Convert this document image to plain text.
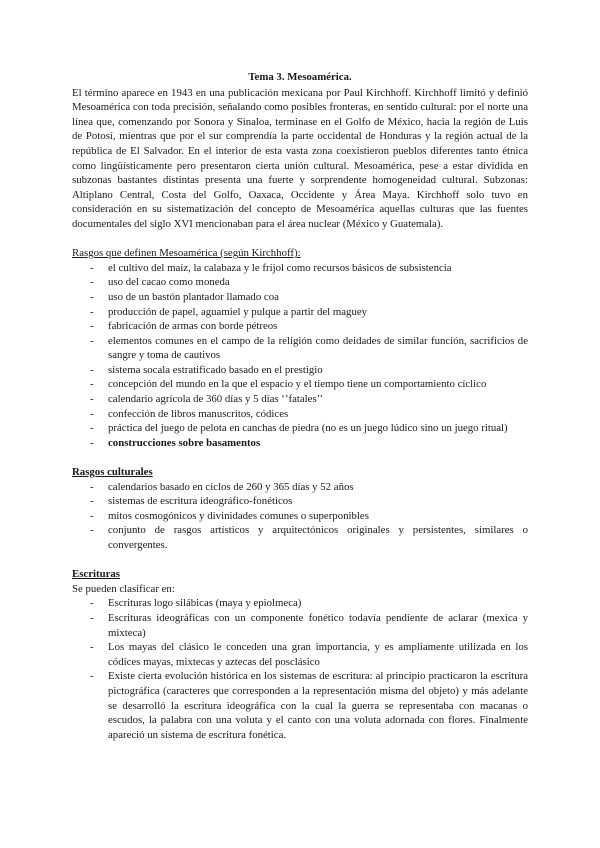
Tema 3. Mesoamérica.

El término aparece en 1943 en una publicación mexicana por Paul Kirchhoff. Kirchhoff limitó y definió Mesoamérica con toda precisión, señalando como posibles fronteras, en sentido cultural: por el norte una línea que, comenzando por Sonora y Sinaloa, terminase en el Golfo de México, hacia la región de Luis de Potosí, mientras que por el sur comprendía la parte occidental de Honduras y la región actual de la república de El Salvador. En el interior de esta vasta zona coexistieron pueblos diferentes tanto étnica como lingüísticamente pero presentaron cierta unión cultural. Mesoamérica, pese a estar dividida en subzonas bastantes distintas presenta una fuerte y sorprendente homogeneidad cultural. Subzonas: Altiplano Central, Costa del Golfo, Oaxaca, Occidente y Área Maya. Kirchhoff solo tuvo en consideración en su sistematización del concepto de Mesoamérica aquellas culturas que las fuentes documentales del siglo XVI mencionaban para el área nuclear (México y Guatemala).

Rasgos que definen Mesoamérica (según Kirchhoff):

- el cultivo del maíz, la calabaza y le frijol como recursos básicos de subsistencia
- uso del cacao como moneda
- uso de un bastón plantador llamado coa
- producción de papel, aguamiel y pulque a partir del maguey
- fabricación de armas con borde pétreos
- elementos comunes en el campo de la religión como deidades de similar función, sacrificios de sangre y toma de cautivos
- sistema socala estratificado basado en el prestigio
- concepción del mundo en la que el espacio y el tiempo tiene un comportamiento cíclico
- calendario agrícola de 360 días y 5 días ‘’fatales’’
- confección de libros manuscritos, códices
- práctica del juego de pelota en canchas de piedra (no es un juego lúdico sino un juego ritual)
- construcciones sobre basamentos

Rasgos culturales

- calendarios basado en ciclos de 260 y 365 días y 52 años
- sistemas de escritura ideográfico-fonéticos
- mitos cosmogónicos y divinidades comunes o superponibles
- conjunto de rasgos artísticos y arquitectónicos originales y persistentes, similares o convergentes.

Escrituras

Se pueden clasificar en:

- Escrituras logo silábicas (maya y epiolmeca)
- Escrituras ideográficas con un componente fonético todavía pendiente de aclarar (mexica y mixteca)
- Los mayas del clásico le conceden una gran importancia, y es ampliamente utilizada en los códices mayas, mixtecas y aztecas del posclásico
- Existe cierta evolución histórica en los sistemas de escritura: al principio practicaron la escritura pictográfica (caracteres que corresponden a la representación misma del objeto) y más adelante se desarrolló la escritura ideográfica con la cual la guerra se representaba con macanas o escudos, la palabra con una voluta y el canto con una voluta adornada con flores. Finalmente apareció un sistema de escritura fonética.
